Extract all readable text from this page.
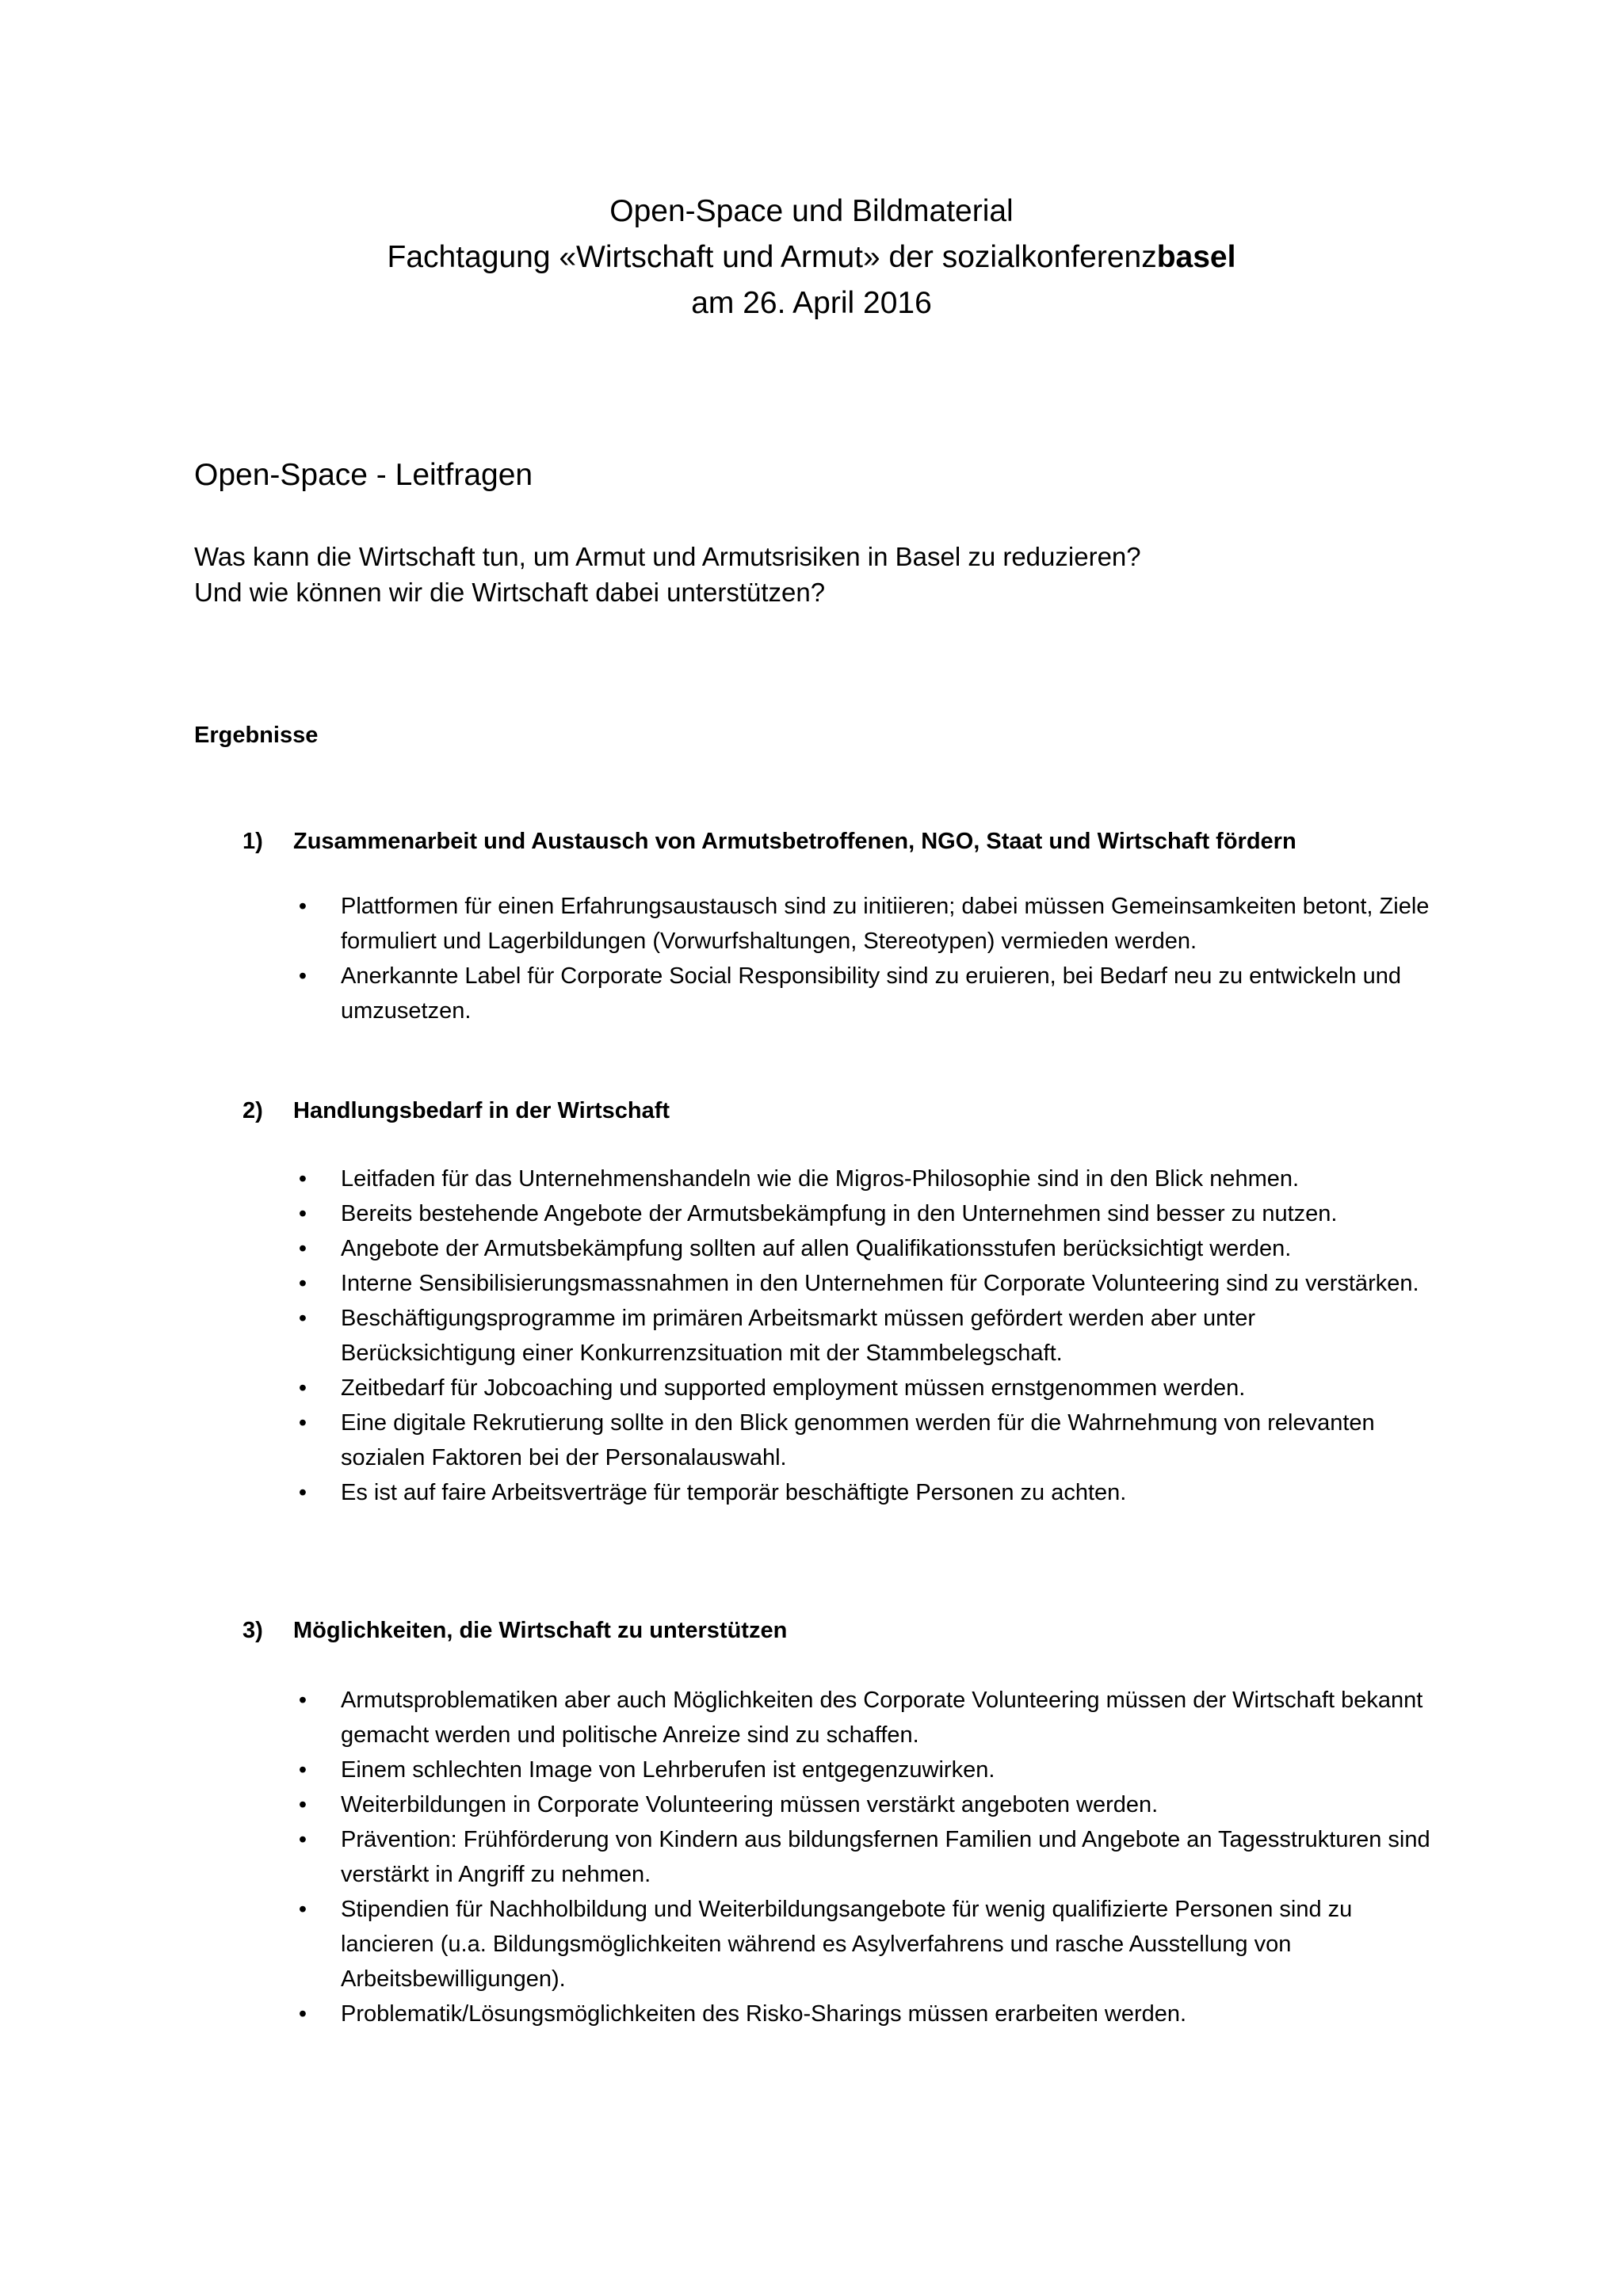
Open-Space und Bildmaterial
Fachtagung «Wirtschaft und Armut» der sozialkonferenzbasel
am 26. April 2016
Open-Space - Leitfragen
Was kann die Wirtschaft tun, um Armut und Armutsrisiken in Basel zu reduzieren?
Und wie können wir die Wirtschaft dabei unterstützen?
Ergebnisse
1) Zusammenarbeit und Austausch von Armutsbetroffenen, NGO, Staat und Wirtschaft fördern
• Plattformen für einen Erfahrungsaustausch sind zu initiieren; dabei müssen Gemeinsamkeiten betont, Ziele formuliert und Lagerbildungen (Vorwurfshaltungen, Stereotypen) vermieden werden.
• Anerkannte Label für Corporate Social Responsibility sind zu eruieren, bei Bedarf neu zu entwickeln und umzusetzen.
2) Handlungsbedarf in der Wirtschaft
• Leitfaden für das Unternehmenshandeln wie die Migros-Philosophie sind in den Blick nehmen.
• Bereits bestehende Angebote der Armutsbekämpfung in den Unternehmen sind besser zu nutzen.
• Angebote der Armutsbekämpfung sollten auf allen Qualifikationsstufen berücksichtigt werden.
• Interne Sensibilisierungsmassnahmen in den Unternehmen für Corporate Volunteering sind zu verstärken.
• Beschäftigungsprogramme im primären Arbeitsmarkt müssen gefördert werden aber unter Berücksichtigung einer Konkurrenzsituation mit der Stammbelegschaft.
• Zeitbedarf für Jobcoaching und supported employment müssen ernstgenommen werden.
• Eine digitale Rekrutierung sollte in den Blick genommen werden für die Wahrnehmung von relevanten sozialen Faktoren bei der Personalauswahl.
• Es ist auf faire Arbeitsverträge für temporär beschäftigte Personen zu achten.
3) Möglichkeiten, die Wirtschaft zu unterstützen
• Armutsproblematiken aber auch Möglichkeiten des Corporate Volunteering müssen der Wirtschaft bekannt gemacht werden und politische Anreize sind zu schaffen.
• Einem schlechten Image von Lehrberufen ist entgegenzuwirken.
• Weiterbildungen in Corporate Volunteering müssen verstärkt angeboten werden.
• Prävention: Frühförderung von Kindern aus bildungsfernen Familien und Angebote an Tagesstrukturen sind verstärkt in Angriff zu nehmen.
• Stipendien für Nachholbildung und Weiterbildungsangebote für wenig qualifizierte Personen sind zu lancieren (u.a. Bildungsmöglichkeiten während es Asylverfahrens und rasche Ausstellung von Arbeitsbewilligungen).
• Problematik/Lösungsmöglichkeiten des Risko-Sharings müssen erarbeiten werden.
